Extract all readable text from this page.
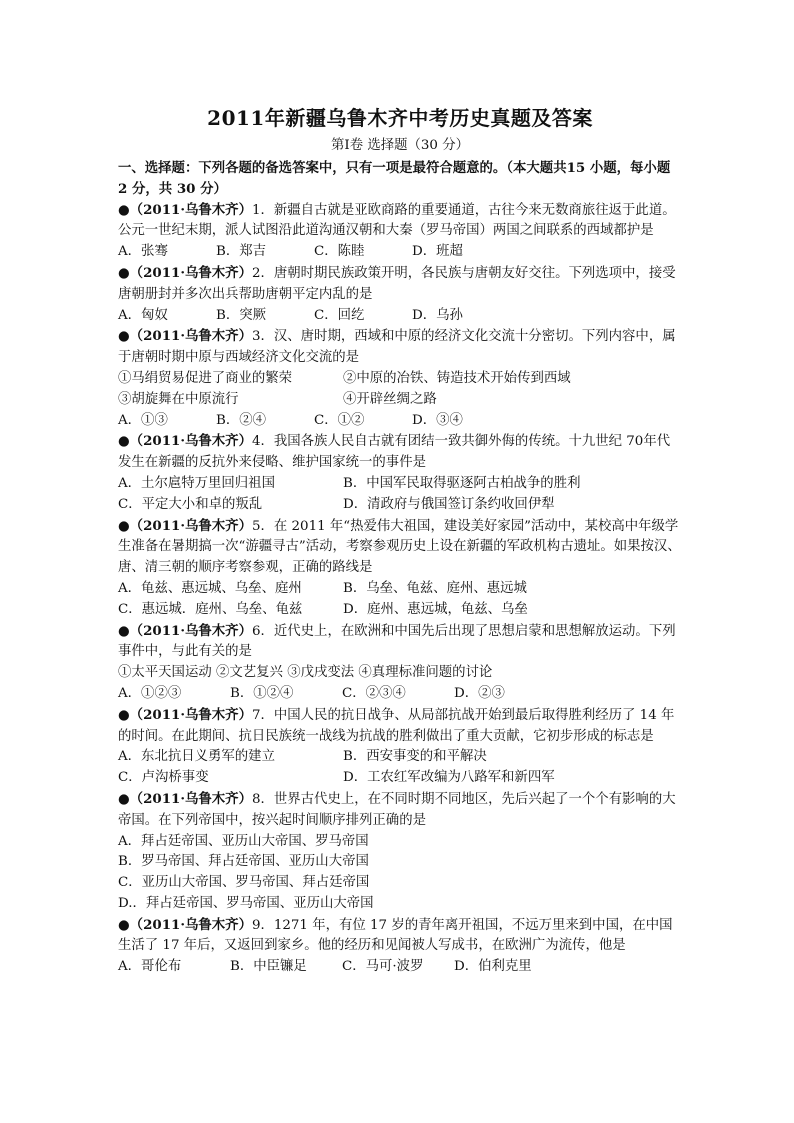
2011年新疆乌鲁木齐中考历史真题及答案

第Ⅰ卷 选择题（30 分）

一、选择题：下列各题的备选答案中，只有一项是最符合题意的。（本大题共15 小题，每小题 2 分，共 30 分）

●（2011·乌鲁木齐）1．新疆自古就是亚欧商路的重要通道，古往今来无数商旅往返于此道。公元一世纪末期，派人试图沿此道沟通汉朝和大秦（罗马帝国）两国之间联系的西域都护是

A．张骞	B．郑吉	C．陈睦	D．班超

●（2011·乌鲁木齐）2．唐朝时期民族政策开明，各民族与唐朝友好交往。下列选项中，接受唐朝册封并多次出兵帮助唐朝平定内乱的是

A．匈奴	B．突厥	C．回纥	D．乌孙

●（2011·乌鲁木齐）3．汉、唐时期，西域和中原的经济文化交流十分密切。下列内容中，属于唐朝时期中原与西域经济文化交流的是

①马绢贸易促进了商业的繁荣	②中原的冶铁、铸造技术开始传到西域
③胡旋舞在中原流行	④开辟丝绸之路
A．①③	B．②④	C．①②	D．③④

●（2011·乌鲁木齐）4．我国各族人民自古就有团结一致共御外侮的传统。十九世纪 70年代发生在新疆的反抗外来侵略、维护国家统一的事件是

A．土尔扈特万里回归祖国	B．中国军民取得驱逐阿古柏战争的胜利
C．平定大小和卓的叛乱	D．清政府与俄国签订条约收回伊犁

●（2011·乌鲁木齐）5．在 2011 年“热爱伟大祖国，建设美好家园”活动中，某校高中年级学生准备在暑期搞一次“游疆寻古”活动，考察参观历史上设在新疆的军政机构古遗址。如果按汉、唐、清三朝的顺序考察参观，正确的路线是

A．龟兹、惠远城、乌垒、庭州	B．乌垒、龟兹、庭州、惠远城
C．惠远城．庭州、乌垒、龟兹	D．庭州、惠远城，龟兹、乌垒

●（2011·乌鲁木齐）6．近代史上，在欧洲和中国先后出现了思想启蒙和思想解放运动。下列事件中，与此有关的是

①太平天国运动 ②文艺复兴 ③戊戌变法 ④真理标准问题的讨论

A．①②③	B．①②④	C．②③④	D．②③

●（2011·乌鲁木齐）7．中国人民的抗日战争、从局部抗战开始到最后取得胜利经历了 14 年的时间。在此期间、抗日民族统一战线为抗战的胜利做出了重大贡献，它初步形成的标志是

A．东北抗日义勇军的建立	B．西安事变的和平解决
C．卢沟桥事变	D．工农红军改编为八路军和新四军

●（2011·乌鲁木齐）8．世界古代史上，在不同时期不同地区，先后兴起了一个个有影响的大帝国。在下列帝国中，按兴起时间顺序排列正确的是

A．拜占廷帝国、亚历山大帝国、罗马帝国

B．罗马帝国、拜占廷帝国、亚历山大帝国

C．亚历山大帝国、罗马帝国、拜占廷帝国

D.．拜占廷帝国、罗马帝国、亚历山大帝国

●（2011·乌鲁木齐）9．1271 年，有位 17 岁的青年离开祖国，不远万里来到中国，在中国生活了 17 年后，又返回到家乡。他的经历和见闻被人写成书，在欧洲广为流传，他是

A．哥伦布	B．中臣镰足	C．马可·波罗	D．伯利克里
